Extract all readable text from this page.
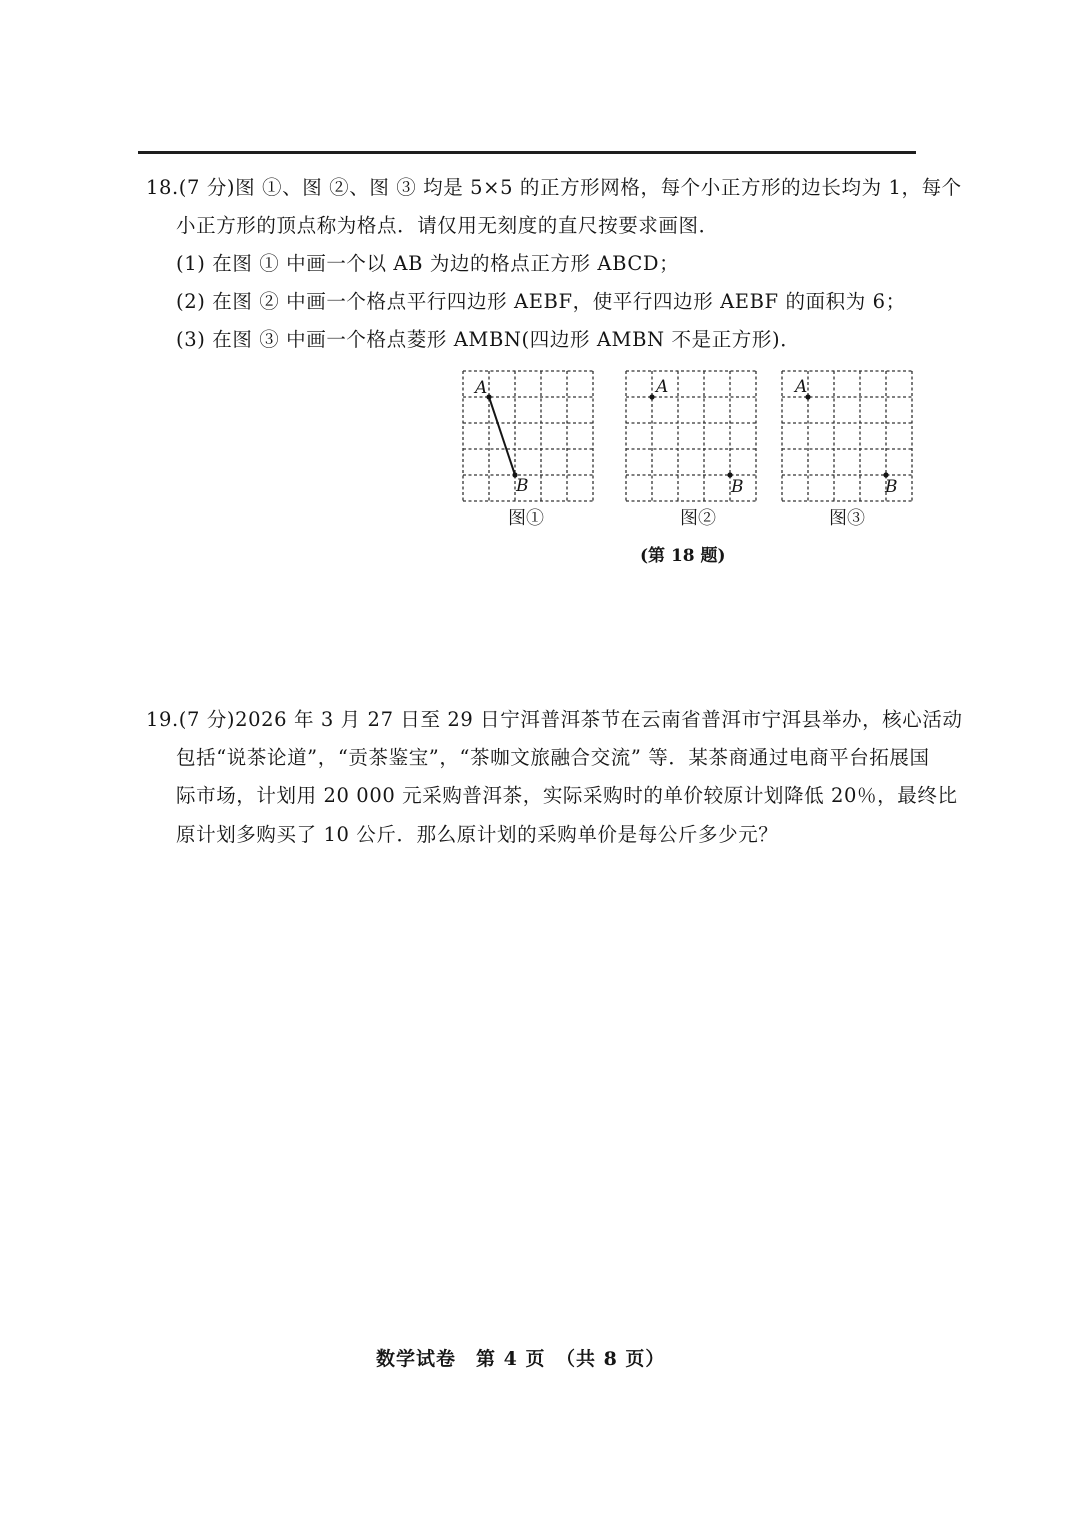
18.(7 分)图 ①、图 ②、图 ③ 均是 5×5 的正方形网格，每个小正方形的边长均为 1，每个
小正方形的顶点称为格点．请仅用无刻度的直尺按要求画图．
(1) 在图 ① 中画一个以 AB 为边的格点正方形 ABCD；
(2) 在图 ② 中画一个格点平行四边形 AEBF，使平行四边形 AEBF 的面积为 6；
(3) 在图 ③ 中画一个格点菱形 AMBN(四边形 AMBN 不是正方形)．
A
B
图①
A
B
图②
A
B
图③
(第 18 题)
19.(7 分)2026 年 3 月 27 日至 29 日宁洱普洱茶节在云南省普洱市宁洱县举办，核心活动
包括“说茶论道”，“贡茶鉴宝”，“茶咖文旅融合交流” 等．某茶商通过电商平台拓展国
际市场，计划用 20 000 元采购普洱茶，实际采购时的单价较原计划降低 20％，最终比
原计划多购买了 10 公斤．那么原计划的采购单价是每公斤多少元？
数学试卷　第 4 页　（共 8 页）
